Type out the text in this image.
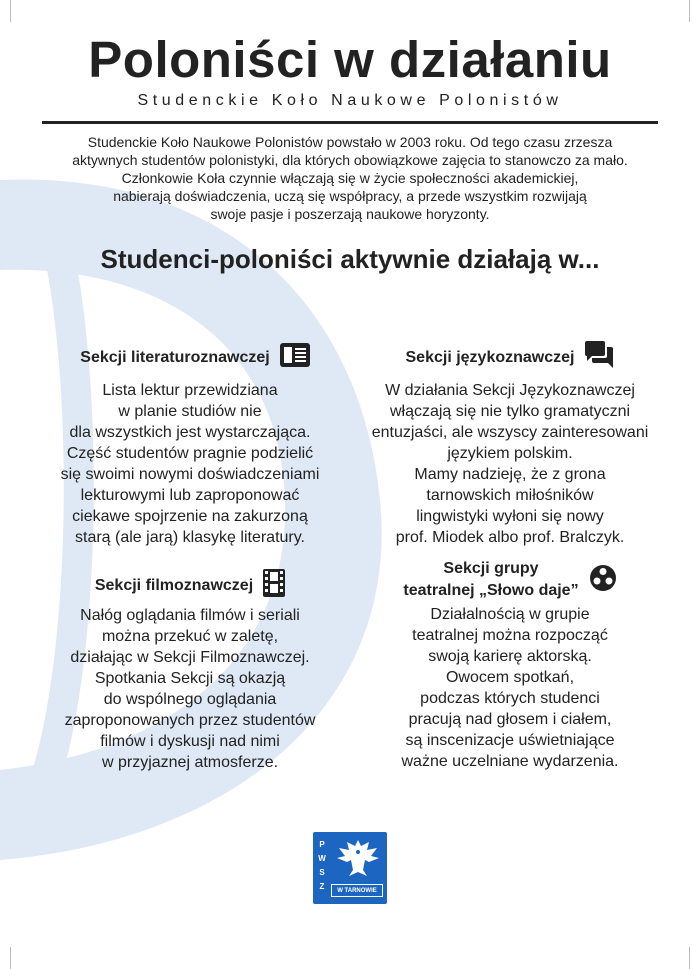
Poloniści w działaniu
Studenckie Koło Naukowe Polonistów
Studenckie Koło Naukowe Polonistów powstało w 2003 roku. Od tego czasu zrzesza
aktywnych studentów polonistyki, dla których obowiązkowe zajęcia to stanowczo za mało.
Członkowie Koła czynnie włączają się w życie społeczności akademickiej,
nabierają doświadczenia, uczą się współpracy, a przede wszystkim rozwijają
swoje pasje i poszerzają naukowe horyzonty.
Studenci-poloniści aktywnie działają w...
Sekcji literaturoznawczej
Lista lektur przewidziana
w planie studiów nie
dla wszystkich jest wystarczająca.
Część studentów pragnie podzielić
się swoimi nowymi doświadczeniami
lekturowymi lub zaproponować
ciekawe spojrzenie na zakurzoną
starą (ale jarą) klasykę literatury.
Sekcji językoznawczej
W działania Sekcji Językoznawczej
włączają się nie tylko gramatyczni
entuzjaści, ale wszyscy zainteresowani
językiem polskim.
Mamy nadzieję, że z grona
tarnowskich miłośników
lingwistyki wyłoni się nowy
prof. Miodek albo prof. Bralczyk.
Sekcji filmoznawczej
Nałóg oglądania filmów i seriali
można przekuć w zaletę,
działając w Sekcji Filmoznawczej.
Spotkania Sekcji są okazją
do wspólnego oglądania
zaproponowanych przez studentów
filmów i dyskusji nad nimi
w przyjaznej atmosferze.
Sekcji grupy
teatralnej „Słowo daje”
Działalnością w grupie
teatralnej można rozpocząć
swoją karierę aktorską.
Owocem spotkań,
podczas których studenci
pracują nad głosem i ciałem,
są inscenizacje uświetniające
ważne uczelniane wydarzenia.
P
W
S
Z	W TARNOWIE
